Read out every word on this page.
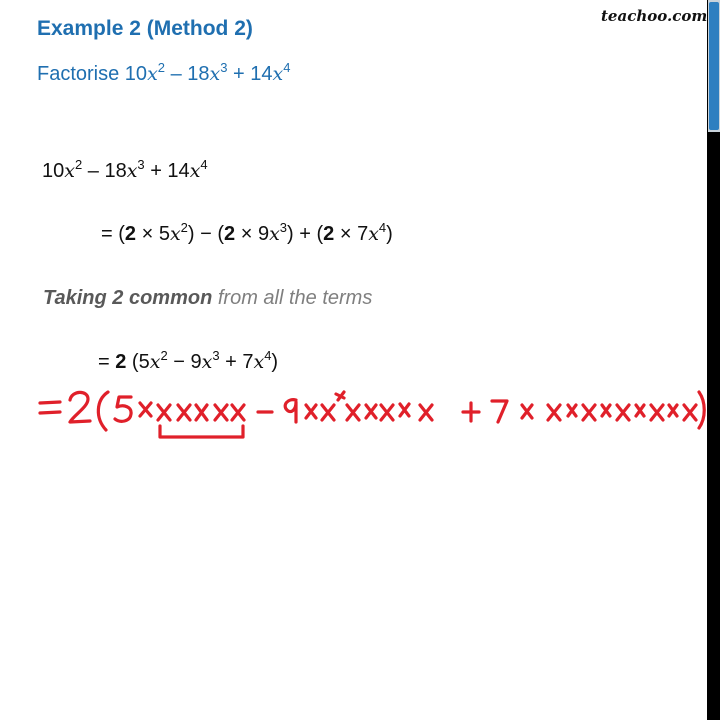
Example 2 (Method 2)
Factorise $10x^2 - 18x^3 + 14x^4$
teachoo.com
$10x^2 - 18x^3 + 14x^4$
= $(2 \times 5x^2) - (2 \times 9x^3) + (2 \times 7x^4)$
Taking 2 common from all the terms
= 2 $(5x^2 - 9x^3 + 7x^4)$
